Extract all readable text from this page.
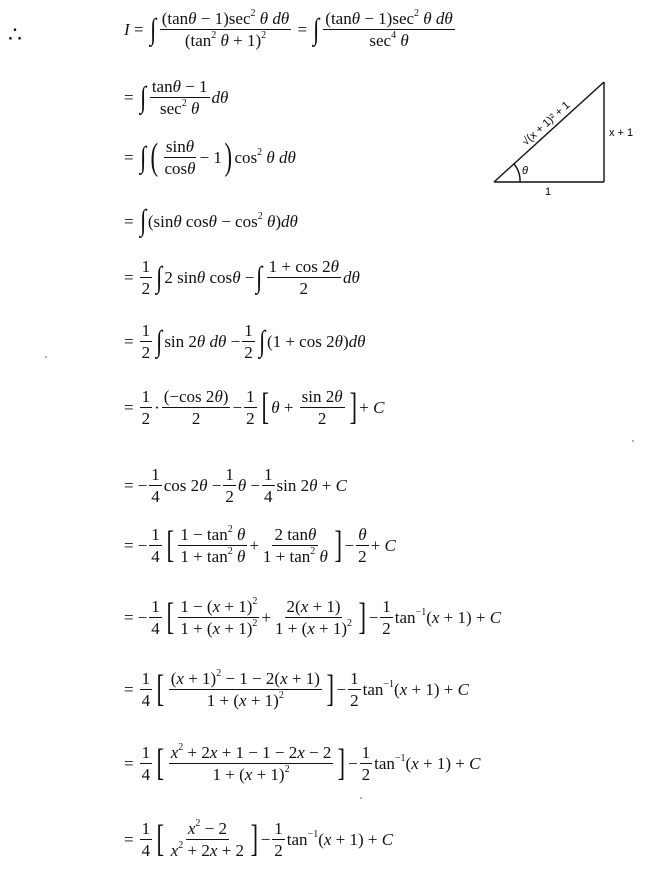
∴	I
= ∫ $\frac{(\tan\theta - 1)\sec^2 \theta d\theta}{(\tan^2 \theta + 1)^2}$ = ∫ $\frac{(\tan\theta - 1)\sec^2 \theta d\theta}{\sec^4 \theta}$
= ∫ $\frac{\tan\theta - 1}{\sec^2 \theta}$ dθ
= ∫ ( $\frac{\sin\theta}{\cos\theta} - 1$ ) $\cos^2 \theta$ dθ
= ∫ (sinθ $\cos\theta - \cos^2 \theta)d\theta$
= $\frac{1}{2}$ ∫ 2 sinθ cosθ − ∫ $\frac{1 + \cos 2\theta}{2}$ dθ
= $\frac{1}{2}$ ∫ sin 2θ $d\theta - \frac{1}{2}$ ∫ (1 + cos 2θ)dθ
= $\frac{1}{2} \cdot \frac{(-\cos 2\theta)}{2} - \frac{1}{2}$ [ $\theta + \frac{\sin 2\theta}{2}$ ] + C
= − $\frac{1}{4}$ $\cos 2\theta - \frac{1}{2}$ $\theta - \frac{1}{4}$ sin 2θ + C
= − $\frac{1}{4}$ [ $\frac{1 - \tan^2 \theta}{1 + \tan^2 \theta} + \frac{2 \tan\theta}{1 + \tan^2 \theta}$ ] − $\frac{\theta}{2} + C$
= − $\frac{1}{4}$ [ $\frac{1 - (x + 1)^2}{1 + (x + 1)^2} + \frac{2(x + 1)}{1 + (x + 1)^2}$ ] − $\frac{1}{2} \tan^{-1}(x + 1) + C$
= $\frac{1}{4}$ [ $\frac{(x + 1)^2 - 1 - 2(x + 1)}{1 + (x + 1)^2}$ ] − $\frac{1}{2} \tan^{-1}(x + 1) + C$
= $\frac{1}{4}$ [ $\frac{x^2 + 2x + 1 - 1 - 2x - 2}{1 + (x + 1)^2}$ ] − $\frac{1}{2} \tan^{-1}(x + 1) + C$
= $\frac{1}{4}$ [ $\frac{x^2 - 2}{x^2 + 2x + 2}$ ] − $\frac{1}{2} \tan^{-1}(x + 1) + C$
θ
1
x + 1
√(x + 1)² + 1
